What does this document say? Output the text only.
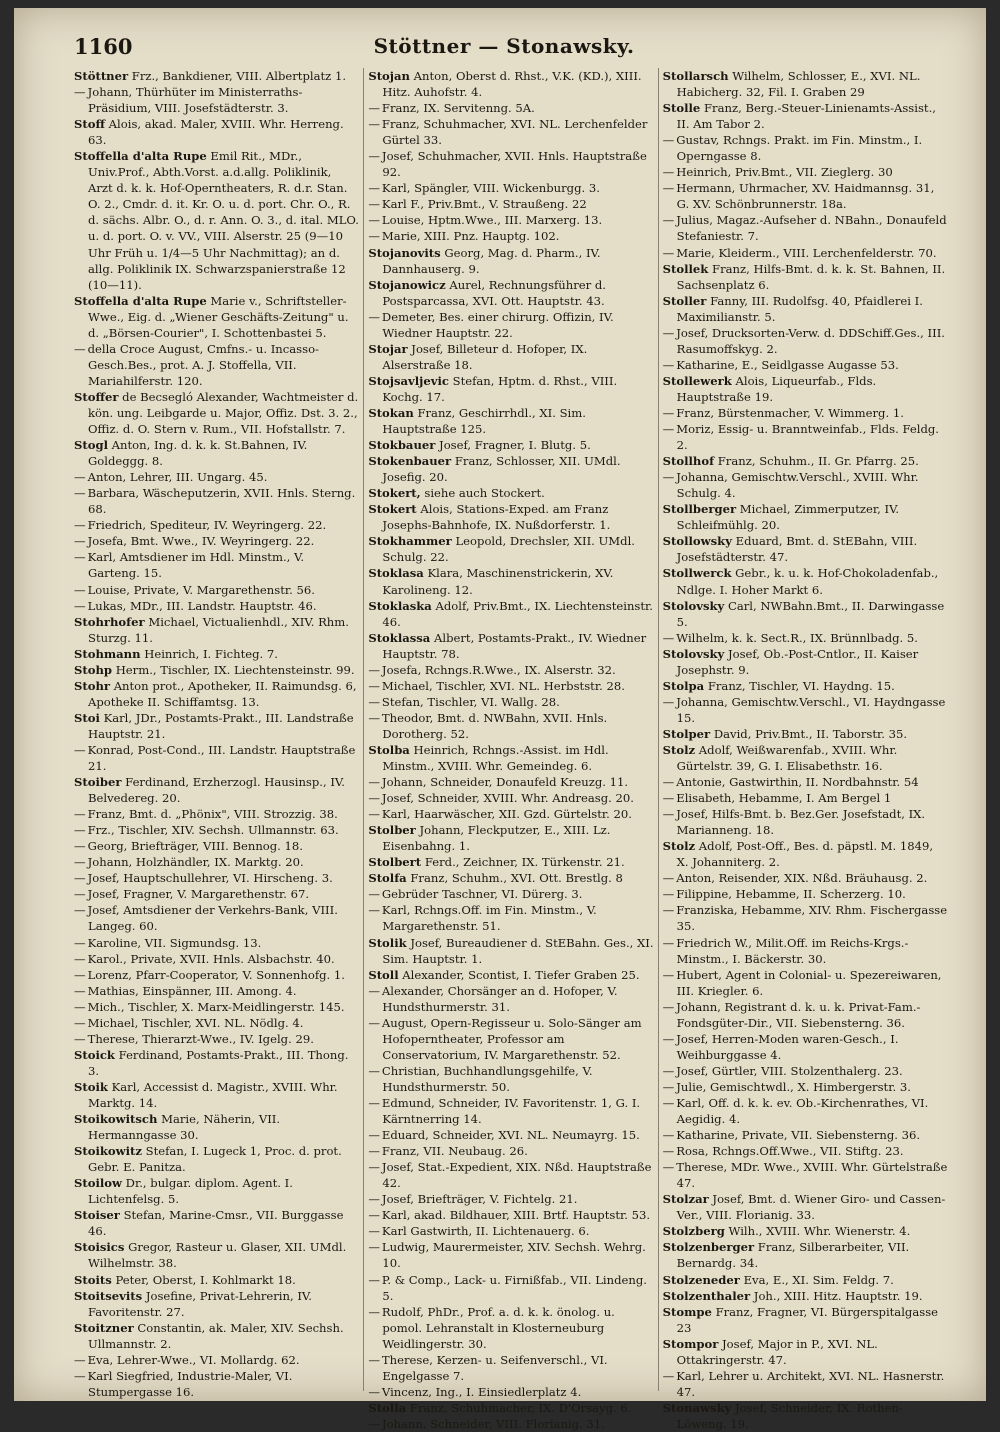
1160	Stöttner — Stonawsky.
Stöttner Frz., Bankdiener, VIII. Albertplatz 1.
— Johann, Thürhüter im Ministerraths-Präsidium, VIII. Josefstädterstr. 3.
Stoff Alois, akad. Maler, XVIII. Whr. Herreng. 63.
Stoffella d'alta Rupe Emil Rit., MDr., Univ.Prof., Abth.Vorst. a.d.allg. Poliklinik, Arzt d. k. k. Hof-Operntheaters, R. d.r. Stan. O. 2., Cmdr. d. it. Kr. O. u. d. port. Chr. O., R. d. sächs. Albr. O., d. r. Ann. O. 3., d. ital. MLO. u. d. port. O. v. VV., VIII. Alserstr. 25 (9—10 Uhr Früh u. 1/4—5 Uhr Nachmittag); an d. allg. Poliklinik IX. Schwarzspanierstraße 12 (10—11).
Stoffella d'alta Rupe Marie v., Schriftsteller-Wwe., Eig. d. „Wiener Geschäfts-Zeitung" u. d. „Börsen-Courier", I. Schottenbastei 5.
— della Croce August, Cmfns.- u. Incasso-Gesch.Bes., prot. A. J. Stoffella, VII. Mariahilferstr. 120.
Stoffer de Becsegló Alexander, Wachtmeister d. kön. ung. Leibgarde u. Major, Offiz. Dst. 3. 2., Offiz. d. O. Stern v. Rum., VII. Hofstallstr. 7.
Stogl Anton, Ing. d. k. k. St.Bahnen, IV. Goldeggg. 8.
— Anton, Lehrer, III. Ungarg. 45.
— Barbara, Wäscheputzerin, XVII. Hnls. Sterng. 68.
— Friedrich, Spediteur, IV. Weyringerg. 22.
— Josefa, Bmt. Wwe., IV. Weyringerg. 22.
— Karl, Amtsdiener im Hdl. Minstm., V. Garteng. 15.
— Louise, Private, V. Margarethenstr. 56.
— Lukas, MDr., III. Landstr. Hauptstr. 46.
Stohrhofer Michael, Victualienhdl., XIV. Rhm. Sturzg. 11.
Stohmann Heinrich, I. Fichteg. 7.
Stohp Herm., Tischler, IX. Liechtensteinstr. 99.
Stohr Anton prot., Apotheker, II. Raimundsg. 6, Apotheke II. Schiffamtsg. 13.
Stoi Karl, JDr., Postamts-Prakt., III. Landstraße Hauptstr. 21.
— Konrad, Post-Cond., III. Landstr. Hauptstraße 21.
Stoiber Ferdinand, Erzherzogl. Hausinsp., IV. Belvedereg. 20.
— Franz, Bmt. d. „Phönix", VIII. Strozzig. 38.
— Frz., Tischler, XIV. Sechsh. Ullmannstr. 63.
— Georg, Briefträger, VIII. Bennog. 18.
— Johann, Holzhändler, IX. Marktg. 20.
— Josef, Hauptschullehrer, VI. Hirscheng. 3.
— Josef, Fragner, V. Margarethenstr. 67.
— Josef, Amtsdiener der Verkehrs-Bank, VIII. Langeg. 60.
— Karoline, VII. Sigmundsg. 13.
— Karol., Private, XVII. Hnls. Alsbachstr. 40.
— Lorenz, Pfarr-Cooperator, V. Sonnenhofg. 1.
— Mathias, Einspänner, III. Among. 4.
— Mich., Tischler, X. Marx-Meidlingerstr. 145.
— Michael, Tischler, XVI. NL. Nödlg. 4.
— Therese, Thierarzt-Wwe., IV. Igelg. 29.
Stoick Ferdinand, Postamts-Prakt., III. Thong. 3.
Stoik Karl, Accessist d. Magistr., XVIII. Whr. Marktg. 14.
Stoikowitsch Marie, Näherin, VII. Hermanngasse 30.
Stoikowitz Stefan, I. Lugeck 1, Proc. d. prot. Gebr. E. Panitza.
Stoilow Dr., bulgar. diplom. Agent. I. Lichtenfelsg. 5.
Stoiser Stefan, Marine-Cmsr., VII. Burggasse 46.
Stoisics Gregor, Rasteur u. Glaser, XII. UMdl. Wilhelmstr. 38.
Stoits Peter, Oberst, I. Kohlmarkt 18.
Stoitsevits Josefine, Privat-Lehrerin, IV. Favoritenstr. 27.
Stoitzner Constantin, ak. Maler, XIV. Sechsh. Ullmannstr. 2.
— Eva, Lehrer-Wwe., VI. Mollardg. 62.
— Karl Siegfried, Industrie-Maler, VI. Stumpergasse 16.
Stojan Anton, Oberst d. Rhst., V.K. (KD.), XIII. Hitz. Auhofstr. 4.
— Franz, IX. Servitenng. 5A.
— Franz, Schuhmacher, XVI. NL. Lerchenfelder Gürtel 33.
— Josef, Schuhmacher, XVII. Hnls. Hauptstraße 92.
— Karl, Spängler, VIII. Wickenburgg. 3.
— Karl F., Priv.Bmt., V. Straußeng. 22
— Louise, Hptm.Wwe., III. Marxerg. 13.
— Marie, XIII. Pnz. Hauptg. 102.
Stojanovits Georg, Mag. d. Pharm., IV. Dannhauserg. 9.
Stojanowicz Aurel, Rechnungsführer d. Postsparcassa, XVI. Ott. Hauptstr. 43.
— Demeter, Bes. einer chirurg. Offizin, IV. Wiedner Hauptstr. 22.
Stojar Josef, Billeteur d. Hofoper, IX. Alserstraße 18.
Stojsavljevic Stefan, Hptm. d. Rhst., VIII. Kochg. 17.
Stokan Franz, Geschirrhdl., XI. Sim. Hauptstraße 125.
Stokbauer Josef, Fragner, I. Blutg. 5.
Stokenbauer Franz, Schlosser, XII. UMdl. Josefig. 20.
Stokert, siehe auch Stockert.
Stokert Alois, Stations-Exped. am Franz Josephs-Bahnhofe, IX. Nußdorferstr. 1.
Stokhammer Leopold, Drechsler, XII. UMdl. Schulg. 22.
Stoklasa Klara, Maschinenstrickerin, XV. Karolineng. 12.
Stoklaska Adolf, Priv.Bmt., IX. Liechtensteinstr. 46.
Stoklassa Albert, Postamts-Prakt., IV. Wiedner Hauptstr. 78.
— Josefa, Rchngs.R.Wwe., IX. Alserstr. 32.
— Michael, Tischler, XVI. NL. Herbststr. 28.
— Stefan, Tischler, VI. Wallg. 28.
— Theodor, Bmt. d. NWBahn, XVII. Hnls. Dorotherg. 52.
Stolba Heinrich, Rchngs.-Assist. im Hdl. Minstm., XVIII. Whr. Gemeindeg. 6.
— Johann, Schneider, Donaufeld Kreuzg. 11.
— Josef, Schneider, XVIII. Whr. Andreasg. 20.
— Karl, Haarwäscher, XII. Gzd. Gürtelstr. 20.
Stolber Johann, Fleckputzer, E., XIII. Lz. Eisenbahng. 1.
Stolbert Ferd., Zeichner, IX. Türkenstr. 21.
Stolfa Franz, Schuhm., XVI. Ott. Brestlg. 8
— Gebrüder Taschner, VI. Dürerg. 3.
— Karl, Rchngs.Off. im Fin. Minstm., V. Margarethenstr. 51.
Stolik Josef, Bureaudiener d. StEBahn. Ges., XI. Sim. Hauptstr. 1.
Stoll Alexander, Scontist, I. Tiefer Graben 25.
— Alexander, Chorsänger an d. Hofoper, V. Hundsthurmerstr. 31.
— August, Opern-Regisseur u. Solo-Sänger am Hofoperntheater, Professor am Conservatorium, IV. Margarethenstr. 52.
— Christian, Buchhandlungsgehilfe, V. Hundsthurmerstr. 50.
— Edmund, Schneider, IV. Favoritenstr. 1, G. I. Kärntnerring 14.
— Eduard, Schneider, XVI. NL. Neumayrg. 15.
— Franz, VII. Neubaug. 26.
— Josef, Stat.-Expedient, XIX. Nßd. Hauptstraße 42.
— Josef, Briefträger, V. Fichtelg. 21.
— Karl, akad. Bildhauer, XIII. Brtf. Hauptstr. 53.
— Karl Gastwirth, II. Lichtenauerg. 6.
— Ludwig, Maurermeister, XIV. Sechsh. Wehrg. 10.
— P. & Comp., Lack- u. Firnißfab., VII. Lindeng. 5.
— Rudolf, PhDr., Prof. a. d. k. k. önolog. u. pomol. Lehranstalt in Klosterneuburg Weidlingerstr. 30.
— Therese, Kerzen- u. Seifenverschl., VI. Engelgasse 7.
— Vincenz, Ing., I. Einsiedlerplatz 4.
Stolla Franz, Schuhmacher, IX. D'Orsayg. 6.
— Johann, Schneider, VIII. Florianig. 31.
Stollarsch Wilhelm, Schlosser, E., XVI. NL. Habicherg. 32, Fil. I. Graben 29
Stolle Franz, Berg.-Steuer-Linienamts-Assist., II. Am Tabor 2.
— Gustav, Rchngs. Prakt. im Fin. Minstm., I. Operngasse 8.
— Heinrich, Priv.Bmt., VII. Zieglerg. 30
— Hermann, Uhrmacher, XV. Haidmannsg. 31, G. XV. Schönbrunnerstr. 18a.
— Julius, Magaz.-Aufseher d. NBahn., Donaufeld Stefaniestr. 7.
— Marie, Kleiderm., VIII. Lerchenfelderstr. 70.
Stollek Franz, Hilfs-Bmt. d. k. k. St. Bahnen, II. Sachsenplatz 6.
Stoller Fanny, III. Rudolfsg. 40, Pfaidlerei I. Maximilianstr. 5.
— Josef, Drucksorten-Verw. d. DDSchiff.Ges., III. Rasumoffskyg. 2.
— Katharine, E., Seidlgasse Augasse 53.
Stollewerk Alois, Liqueurfab., Flds. Hauptstraße 19.
— Franz, Bürstenmacher, V. Wimmerg. 1.
— Moriz, Essig- u. Branntweinfab., Flds. Feldg. 2.
Stollhof Franz, Schuhm., II. Gr. Pfarrg. 25.
— Johanna, Gemischtw.Verschl., XVIII. Whr. Schulg. 4.
Stollberger Michael, Zimmerputzer, IV. Schleifmühlg. 20.
Stollowsky Eduard, Bmt. d. StEBahn, VIII. Josefstädterstr. 47.
Stollwerck Gebr., k. u. k. Hof-Chokoladenfab., Ndlge. I. Hoher Markt 6.
Stolovsky Carl, NWBahn.Bmt., II. Darwingasse 5.
— Wilhelm, k. k. Sect.R., IX. Brünnlbadg. 5.
Stolovsky Josef, Ob.-Post-Cntlor., II. Kaiser Josephstr. 9.
Stolpa Franz, Tischler, VI. Haydng. 15.
— Johanna, Gemischtw.Verschl., VI. Haydngasse 15.
Stolper David, Priv.Bmt., II. Taborstr. 35.
Stolz Adolf, Weißwarenfab., XVIII. Whr. Gürtelstr. 39, G. I. Elisabethstr. 16.
— Antonie, Gastwirthin, II. Nordbahnstr. 54
— Elisabeth, Hebamme, I. Am Bergel 1
— Josef, Hilfs-Bmt. b. Bez.Ger. Josefstadt, IX. Marianneng. 18.
Stolz Adolf, Post-Off., Bes. d. päpstl. M. 1849, X. Johanniterg. 2.
— Anton, Reisender, XIX. Nßd. Bräuhausg. 2.
— Filippine, Hebamme, II. Scherzerg. 10.
— Franziska, Hebamme, XIV. Rhm. Fischergasse 35.
— Friedrich W., Milit.Off. im Reichs-Krgs.-Minstm., I. Bäckerstr. 30.
— Hubert, Agent in Colonial- u. Spezereiwaren, III. Kriegler. 6.
— Johann, Registrant d. k. u. k. Privat-Fam.-Fondsgüter-Dir., VII. Siebensterng. 36.
— Josef, Herren-Moden waren-Gesch., I. Weihburggasse 4.
— Josef, Gürtler, VIII. Stolzenthalerg. 23.
— Julie, Gemischtwdl., X. Himbergerstr. 3.
— Karl, Off. d. k. k. ev. Ob.-Kirchenrathes, VI. Aegidig. 4.
— Katharine, Private, VII. Siebensterng. 36.
— Rosa, Rchngs.Off.Wwe., VII. Stiftg. 23.
— Therese, MDr. Wwe., XVIII. Whr. Gürtelstraße 47.
Stolzar Josef, Bmt. d. Wiener Giro- und Cassen-Ver., VIII. Florianig. 33.
Stolzberg Wilh., XVIII. Whr. Wienerstr. 4.
Stolzenberger Franz, Silberarbeiter, VII. Bernardg. 34.
Stolzeneder Eva, E., XI. Sim. Feldg. 7.
Stolzenthaler Joh., XIII. Hitz. Hauptstr. 19.
Stompe Franz, Fragner, VI. Bürgerspitalgasse 23
Stompor Josef, Major in P., XVI. NL. Ottakringerstr. 47.
— Karl, Lehrer u. Architekt, XVI. NL. Hasnerstr. 47.
Stonawsky Josef, Schneider, IX. Rothen-Löweng. 19.
